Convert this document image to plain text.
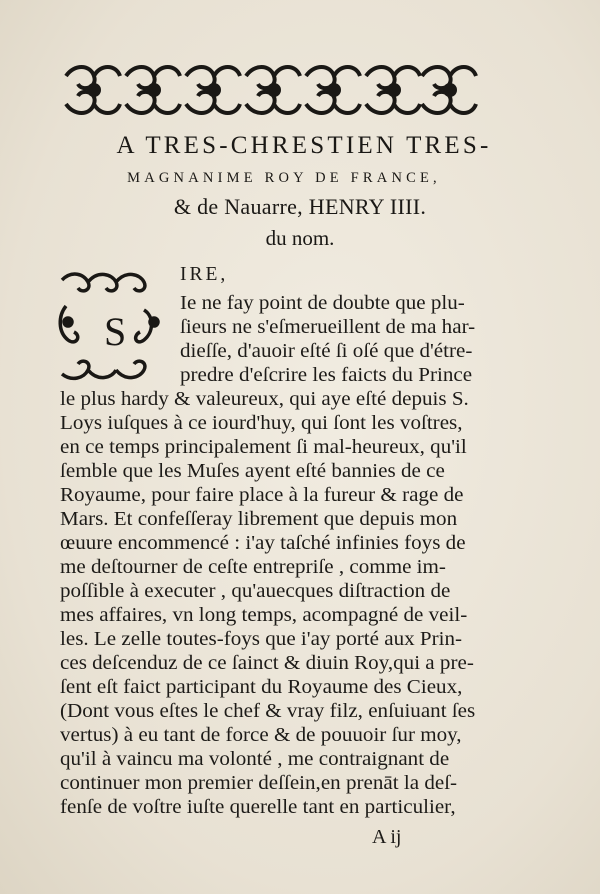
A TRES-CHRESTIEN TRES-
MAGNANIME ROY DE FRANCE,
& de Nauarre, HENRY IIII.
du nom.
S
IRE,
Ie ne fay point de doubte que plu-
ſieurs ne s'eſmerueillent de ma har-
dieſſe, d'auoir eſté ſi oſé que d'étre-
predre d'eſcrire les faicts du Prince
le plus hardy & valeureux, qui aye eſté depuis S.
Loys iuſques à ce iourd'huy, qui ſont les voſtres,
en ce temps principalement ſi mal-heureux, qu'il
ſemble que les Muſes ayent eſté bannies de ce
Royaume, pour faire place à la fureur & rage de
Mars. Et confeſſeray librement que depuis mon
œuure encommencé : i'ay taſché infinies foys de
me deſtourner de ceſte entrepriſe , comme im-
poſſible à executer , qu'auecques diſtraction de
mes affaires, vn long temps, acompagné de veil-
les. Le zelle toutes-foys que i'ay porté aux Prin-
ces deſcenduz de ce ſainct & diuin Roy,qui a pre-
ſent eſt faict participant du Royaume des Cieux,
(Dont vous eſtes le chef & vray filz, enſuiuant ſes
vertus) à eu tant de force & de pouuoir ſur moy,
qu'il à vaincu ma volonté , me contraignant de
continuer mon premier deſſein,en prenāt la deſ-
fenſe de voſtre iuſte querelle tant en particulier,
A ij
